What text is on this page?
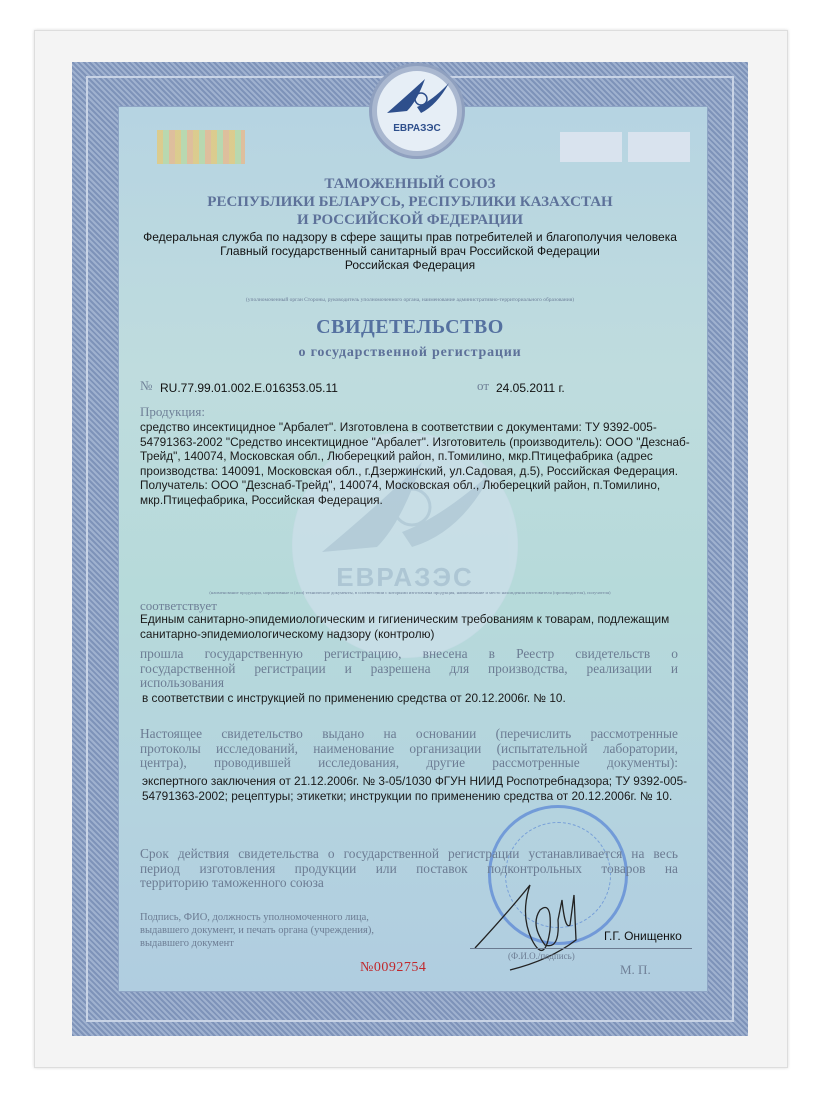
ЕВРАЗЭС
ЕВРАЗЭС
ТАМОЖЕННЫЙ СОЮЗ
РЕСПУБЛИКИ БЕЛАРУСЬ, РЕСПУБЛИКИ КАЗАХСТАН
И РОССИЙСКОЙ ФЕДЕРАЦИИ
Федеральная служба по надзору в сфере защиты прав потребителей и благополучия человека
Главный государственный санитарный врач Российской Федерации
Российская Федерация
(уполномоченный орган Стороны, руководитель уполномоченного органа, наименование административно-территориального образования)
СВИДЕТЕЛЬСТВО
о государственной регистрации
№ RU.77.99.01.002.E.016353.05.11	от 24.05.2011 г.
Продукция:
средство инсектицидное "Арбалет". Изготовлена в соответствии с документами: ТУ 9392-005-
54791363-2002 "Средство инсектицидное "Арбалет". Изготовитель (производитель): ООО "Дезснаб-
Трейд", 140074, Московская обл., Люберецкий район, п.Томилино, мкр.Птицефабрика (адрес
производства: 140091, Московская обл., г.Дзержинский, ул.Садовая, д.5), Российская Федерация.
Получатель: ООО "Дезснаб-Трейд", 140074, Московская обл., Люберецкий район, п.Томилино,
мкр.Птицефабрика, Российская Федерация.
(наименование продукции, нормативные и (или) технические документы, в соответствии с которыми изготовлена продукция, наименование и место нахождения изготовителя (производителя), получателя)
соответствует
Единым санитарно-эпидемиологическим и гигиеническим требованиям к товарам, подлежащим
санитарно-эпидемиологическому надзору (контролю)
прошла государственную регистрацию, внесена в Реестр свидетельств о
государственной регистрации и разрешена для производства, реализации и
использования
в соответствии с инструкцией по применению средства от 20.12.2006г. № 10.
Настоящее свидетельство выдано на основании (перечислить рассмотренные
протоколы исследований, наименование организации (испытательной лаборатории,
центра), проводившей исследования, другие рассмотренные документы):
экспертного заключения от 21.12.2006г. № 3-05/1030 ФГУН НИИД Роспотребнадзора; ТУ 9392-005-
54791363-2002; рецептуры; этикетки; инструкции по применению средства от 20.12.2006г. № 10.
Срок действия свидетельства о государственной регистрации устанавливается на весь
период изготовления продукции или поставок подконтрольных товаров на
территорию таможенного союза
Подпись, ФИО, должность уполномоченного лица,
выдавшего документ, и печать органа (учреждения),
выдавшего документ
Г.Г. Онищенко
(Ф.И.О./подпись)
№0092754	М. П.
